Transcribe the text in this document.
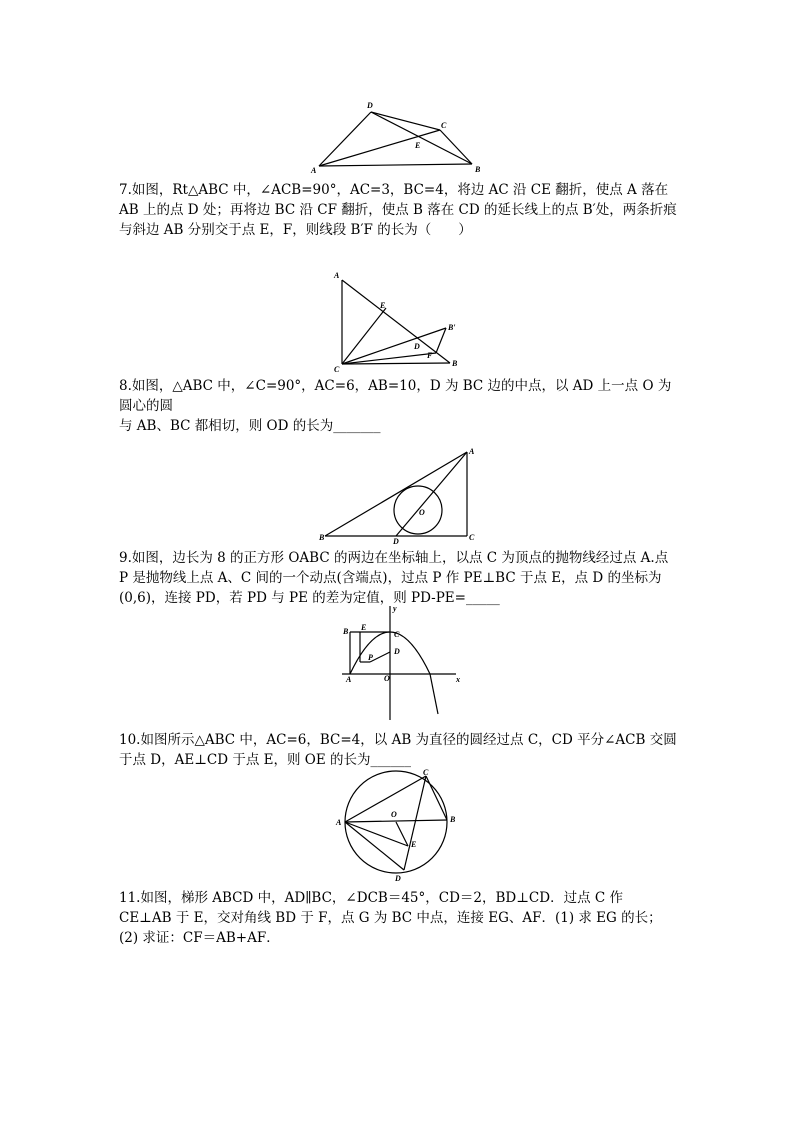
D
C
E
A	B

7.如图，Rt△ABC 中，∠ACB=90°，AC=3，BC=4，将边 AC 沿 CE 翻折，使点 A 落在 AB 上的点 D 处；再将边 BC 沿 CF 翻折，使点 B 落在 CD 的延长线上的点 B′处，两条折痕与斜边 AB 分别交于点 E，F，则线段 B′F 的长为（　　）

A
E
B′
D
F
C
B

8.如图，△ABC 中，∠C=90°，AC=6，AB=10，D 为 BC 边的中点，以 AD 上一点 O 为圆心的圆
与 AB、BC 都相切，则 OD 的长为_______

A
O
B	D	C

9.如图，边长为 8 的正方形 OABC 的两边在坐标轴上，以点 C 为顶点的抛物线经过点 A.点 P 是抛物线上点 A、C 间的一个动点(含端点)，过点 P 作 PE⊥BC 于点 E，点 D 的坐标为(0,6)，连接 PD，若 PD 与 PE 的差为定值，则 PD-PE=_____

B E
C
D
P
A	O
y
x

10.如图所示△ABC 中，AC=6，BC=4，以 AB 为直径的圆经过点 C，CD 平分∠ACB 交圆于点 D，AE⊥CD 于点 E，则 OE 的长为______

C
A
O
B
E
D

11.如图，梯形 ABCD 中，AD∥BC，∠DCB＝45°，CD＝2，BD⊥CD．过点 C 作 CE⊥AB 于 E，交对角线 BD 于 F，点 G 为 BC 中点，连接 EG、AF．(1) 求 EG 的长；(2) 求证：CF＝AB+AF．
